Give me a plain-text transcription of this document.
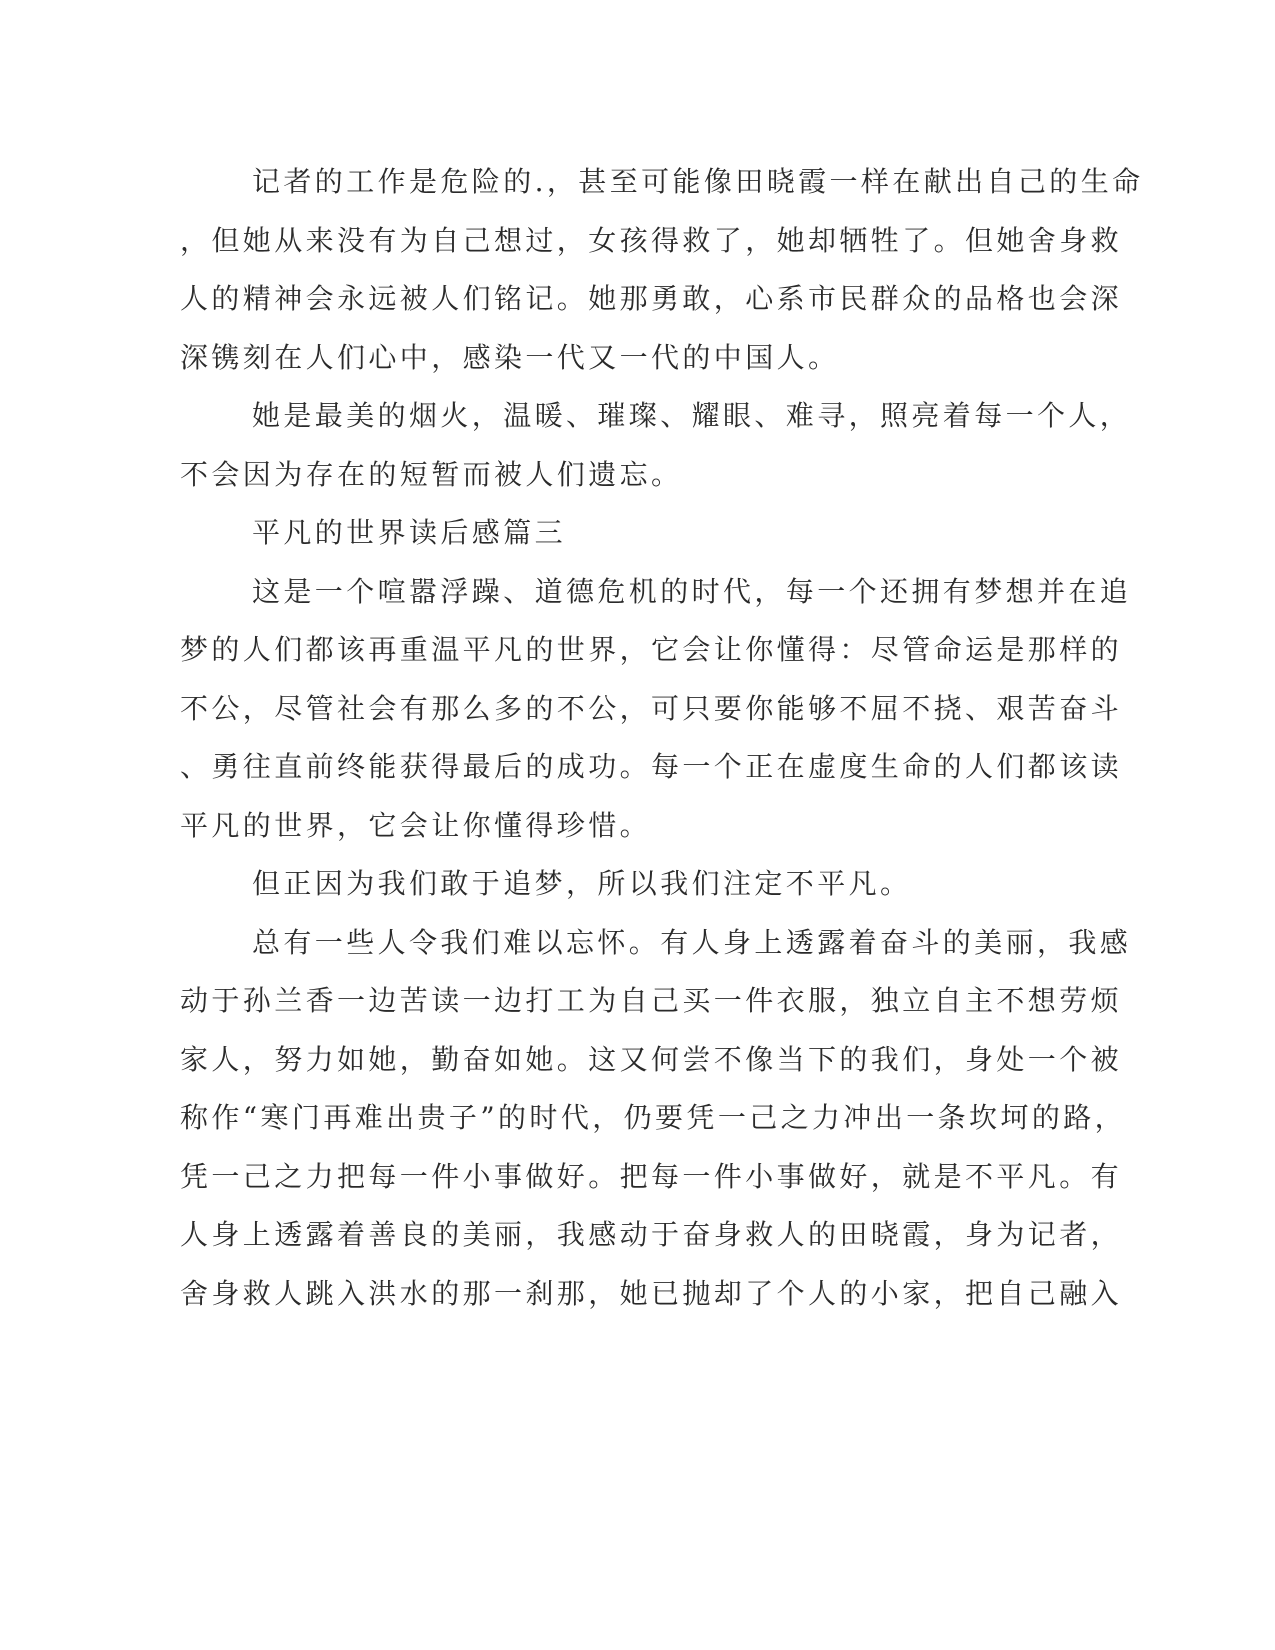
记者的工作是危险的.，甚至可能像田晓霞一样在献出自己的生命
，但她从来没有为自己想过，女孩得救了，她却牺牲了。但她舍身救
人的精神会永远被人们铭记。她那勇敢，心系市民群众的品格也会深
深镌刻在人们心中，感染一代又一代的中国人。
她是最美的烟火，温暖、璀璨、耀眼、难寻，照亮着每一个人，
不会因为存在的短暂而被人们遗忘。
平凡的世界读后感篇三
这是一个喧嚣浮躁、道德危机的时代，每一个还拥有梦想并在追
梦的人们都该再重温平凡的世界，它会让你懂得：尽管命运是那样的
不公，尽管社会有那么多的不公，可只要你能够不屈不挠、艰苦奋斗
、勇往直前终能获得最后的成功。每一个正在虚度生命的人们都该读
平凡的世界，它会让你懂得珍惜。
但正因为我们敢于追梦，所以我们注定不平凡。
总有一些人令我们难以忘怀。有人身上透露着奋斗的美丽，我感
动于孙兰香一边苦读一边打工为自己买一件衣服，独立自主不想劳烦
家人，努力如她，勤奋如她。这又何尝不像当下的我们，身处一个被
称作“寒门再难出贵子”的时代，仍要凭一己之力冲出一条坎坷的路，
凭一己之力把每一件小事做好。把每一件小事做好，就是不平凡。有
人身上透露着善良的美丽，我感动于奋身救人的田晓霞，身为记者，
舍身救人跳入洪水的那一刹那，她已抛却了个人的小家，把自己融入
